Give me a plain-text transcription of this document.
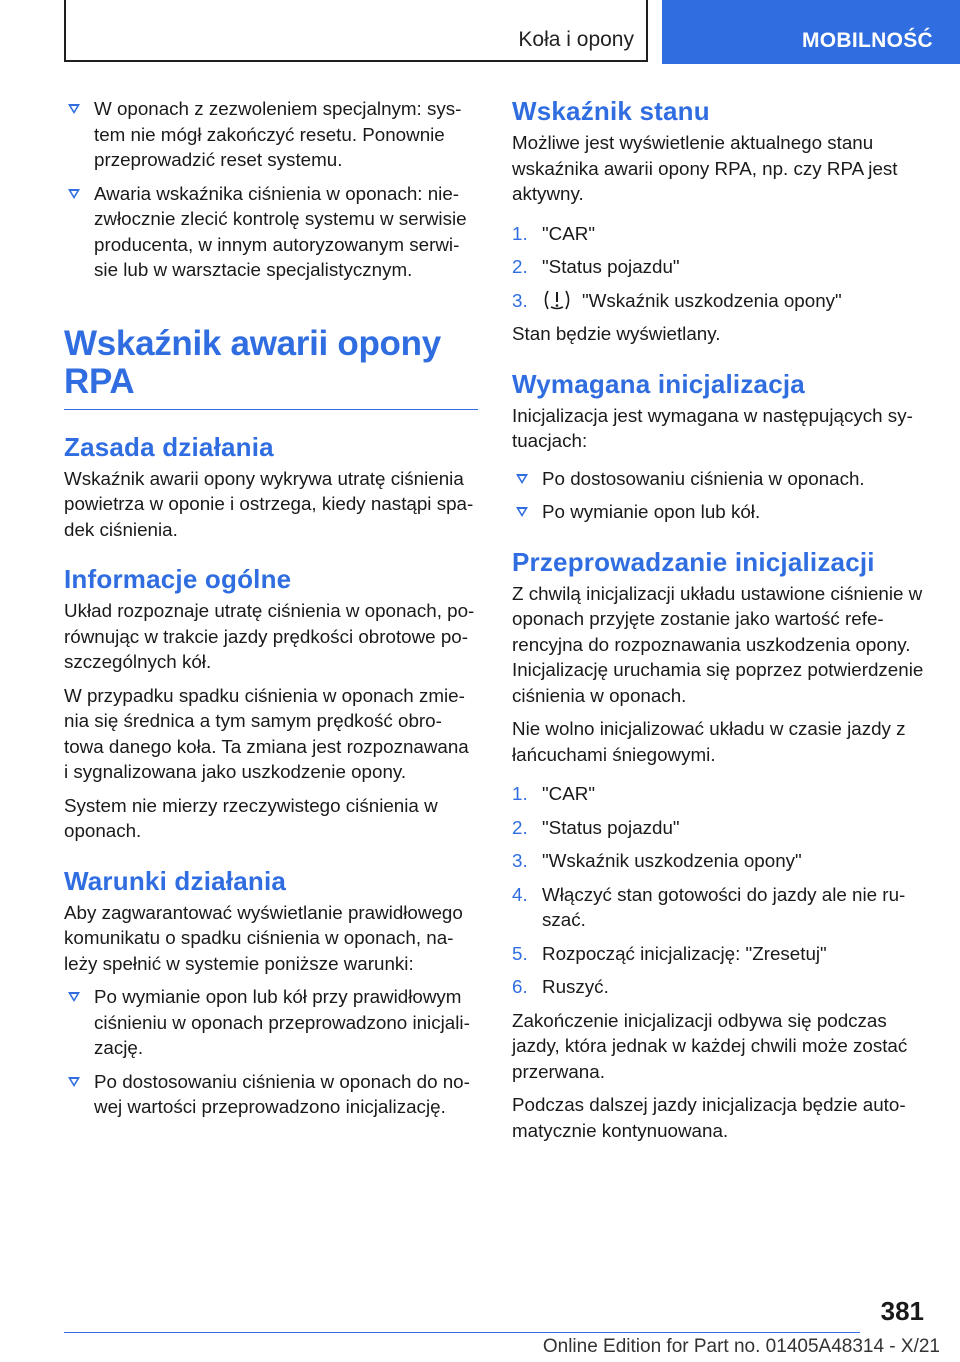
Koła i opony	MOBILNOŚĆ
W oponach z zezwoleniem specjalnym: sys-tem nie mógł zakończyć resetu. Ponownie przeprowadzić reset systemu.
Awaria wskaźnika ciśnienia w oponach: nie-zwłocznie zlecić kontrolę systemu w serwisie producenta, w innym autoryzowanym serwi-sie lub w warsztacie specjalistycznym.
Wskaźnik awarii opony RPA
Zasada działania

Wskaźnik awarii opony wykrywa utratę ciśnienia powietrza w oponie i ostrzega, kiedy nastąpi spa-dek ciśnienia.

Informacje ogólne

Układ rozpoznaje utratę ciśnienia w oponach, po-równując w trakcie jazdy prędkości obrotowe po-szczególnych kół.

W przypadku spadku ciśnienia w oponach zmie-nia się średnica a tym samym prędkość obro-towa danego koła. Ta zmiana jest rozpoznawana i sygnalizowana jako uszkodzenie opony.

System nie mierzy rzeczywistego ciśnienia w oponach.

Warunki działania

Aby zagwarantować wyświetlanie prawidłowego komunikatu o spadku ciśnienia w oponach, na-leży spełnić w systemie poniższe warunki:

Po wymianie opon lub kół przy prawidłowym ciśnieniu w oponach przeprowadzono inicjali-zację.
Po dostosowaniu ciśnienia w oponach do no-wej wartości przeprowadzono inicjalizację.
Wskaźnik stanu

Możliwe jest wyświetlenie aktualnego stanu wskaźnika awarii opony RPA, np. czy RPA jest aktywny.

1. "CAR"
2. "Status pojazdu"
3.	"Wskaźnik uszkodzenia opony"

Stan będzie wyświetlany.

Wymagana inicjalizacja

Inicjalizacja jest wymagana w następujących sy-tuacjach:

Po dostosowaniu ciśnienia w oponach.
Po wymianie opon lub kół.
Przeprowadzanie inicjalizacji

Z chwilą inicjalizacji układu ustawione ciśnienie w oponach przyjęte zostanie jako wartość refe-rencyjna do rozpoznawania uszkodzenia opony. Inicjalizację uruchamia się poprzez potwierdzenie ciśnienia w oponach.

Nie wolno inicjalizować układu w czasie jazdy z łańcuchami śniegowymi.

1. "CAR"
2. "Status pojazdu"
3. "Wskaźnik uszkodzenia opony"
4. Włączyć stan gotowości do jazdy ale nie ru-szać.
5. Rozpocząć inicjalizację: "Zresetuj"
6. Ruszyć.

Zakończenie inicjalizacji odbywa się podczas jazdy, która jednak w każdej chwili może zostać przerwana.

Podczas dalszej jazdy inicjalizacja będzie auto-matycznie kontynuowana.

381
Online Edition for Part no. 01405A48314 - X/21
